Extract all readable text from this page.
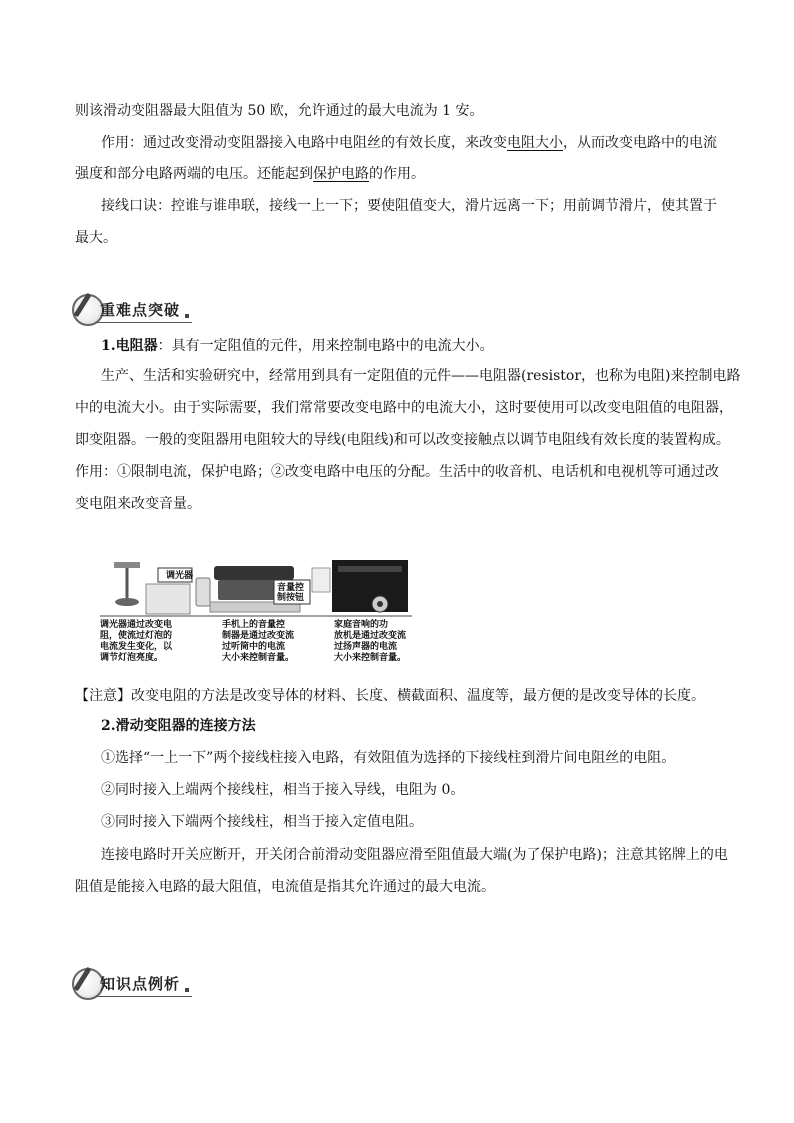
则该滑动变阻器最大阻值为 50 欧，允许通过的最大电流为 1 安。
作用：通过改变滑动变阻器接入电路中电阻丝的有效长度，来改变电阻大小，从而改变电路中的电流
强度和部分电路两端的电压。还能起到保护电路的作用。
接线口诀：控谁与谁串联，接线一上一下；要使阻值变大，滑片远离一下；用前调节滑片，使其置于
最大。
重难点突破
1.电阻器：具有一定阻值的元件，用来控制电路中的电流大小。
生产、生活和实验研究中，经常用到具有一定阻值的元件——电阻器(resistor，也称为电阻)来控制电路
中的电流大小。由于实际需要，我们常常要改变电路中的电流大小，这时要使用可以改变电阻值的电阻器，
即变阻器。一般的变阻器用电阻较大的导线(电阻线)和可以改变接触点以调节电阻线有效长度的装置构成。
作用：①限制电流，保护电路；②改变电路中电压的分配。生活中的收音机、电话机和电视机等可通过改
变电阻来改变音量。
调光器
音量控
制按钮
调光器通过改变电
阻，使流过灯泡的
电流发生变化，以
调节灯泡亮度。
手机上的音量控
制器是通过改变流
过听筒中的电流
大小来控制音量。
家庭音响的功
放机是通过改变流
过扬声器的电流
大小来控制音量。
【注意】改变电阻的方法是改变导体的材料、长度、横截面积、温度等，最方便的是改变导体的长度。
2.滑动变阻器的连接方法
①选择“一上一下”两个接线柱接入电路，有效阻值为选择的下接线柱到滑片间电阻丝的电阻。
②同时接入上端两个接线柱，相当于接入导线，电阻为 0。
③同时接入下端两个接线柱，相当于接入定值电阻。
连接电路时开关应断开，开关闭合前滑动变阻器应滑至阻值最大端(为了保护电路)；注意其铭牌上的电
阻值是能接入电路的最大阻值，电流值是指其允许通过的最大电流。
知识点例析
